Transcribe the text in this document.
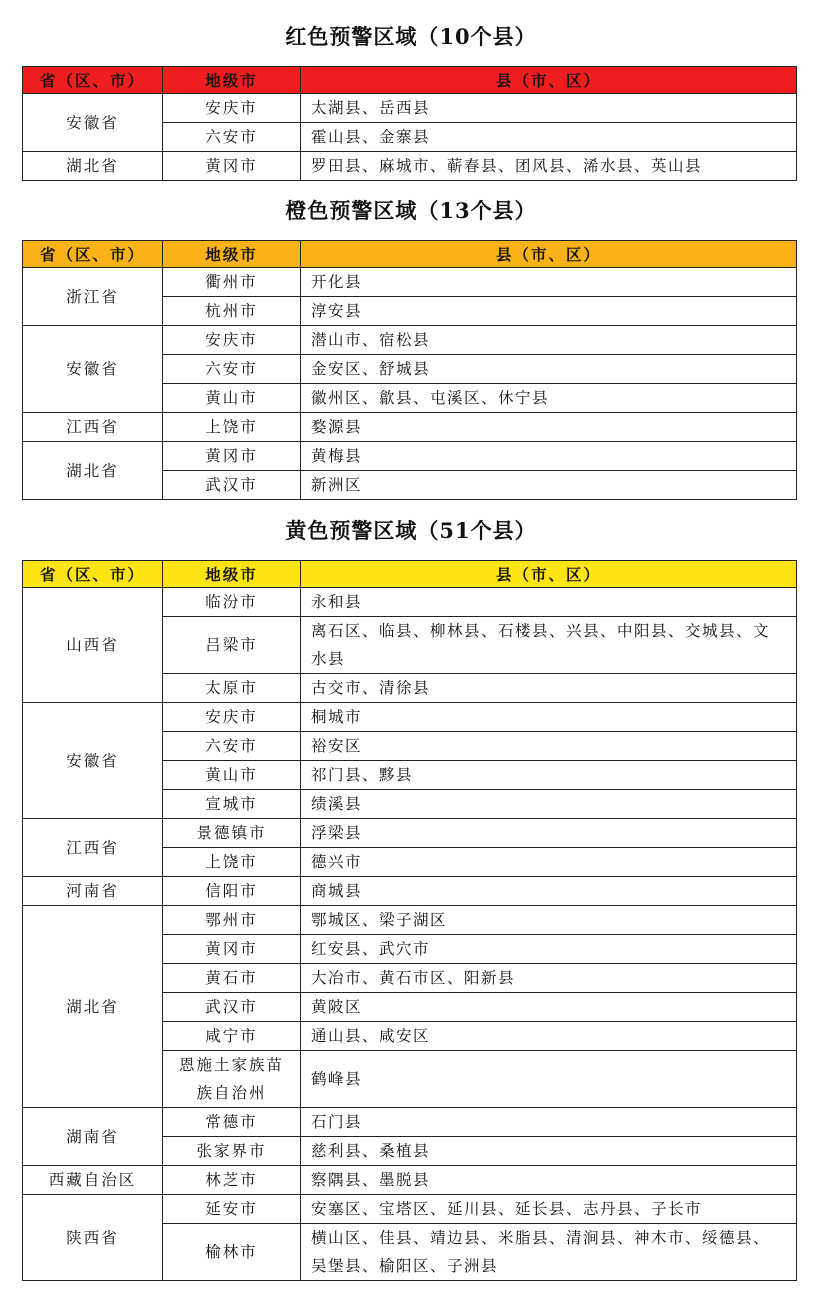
红色预警区域（10个县）
省（区、市）	地级市	县（市、区）
安徽省	安庆市	太湖县、岳西县
	六安市	霍山县、金寨县
湖北省	黄冈市	罗田县、麻城市、蕲春县、团风县、浠水县、英山县
橙色预警区域（13个县）
省（区、市）	地级市	县（市、区）
浙江省	衢州市	开化县
	杭州市	淳安县
安徽省	安庆市	潜山市、宿松县
	六安市	金安区、舒城县
	黄山市	徽州区、歙县、屯溪区、休宁县
江西省	上饶市	婺源县
湖北省	黄冈市	黄梅县
	武汉市	新洲区
黄色预警区域（51个县）
省（区、市）	地级市	县（市、区）
山西省	临汾市	永和县
	吕梁市	离石区、临县、柳林县、石楼县、兴县、中阳县、交城县、文水县
	太原市	古交市、清徐县
安徽省	安庆市	桐城市
	六安市	裕安区
	黄山市	祁门县、黟县
	宣城市	绩溪县
江西省	景德镇市	浮梁县
	上饶市	德兴市
河南省	信阳市	商城县
湖北省	鄂州市	鄂城区、梁子湖区
	黄冈市	红安县、武穴市
	黄石市	大冶市、黄石市区、阳新县
	武汉市	黄陂区
	咸宁市	通山县、咸安区
	恩施土家族苗族自治州	鹤峰县
湖南省	常德市	石门县
	张家界市	慈利县、桑植县
西藏自治区	林芝市	察隅县、墨脱县
陕西省	延安市	安塞区、宝塔区、延川县、延长县、志丹县、子长市
	榆林市	横山区、佳县、靖边县、米脂县、清涧县、神木市、绥德县、吴堡县、榆阳区、子洲县
